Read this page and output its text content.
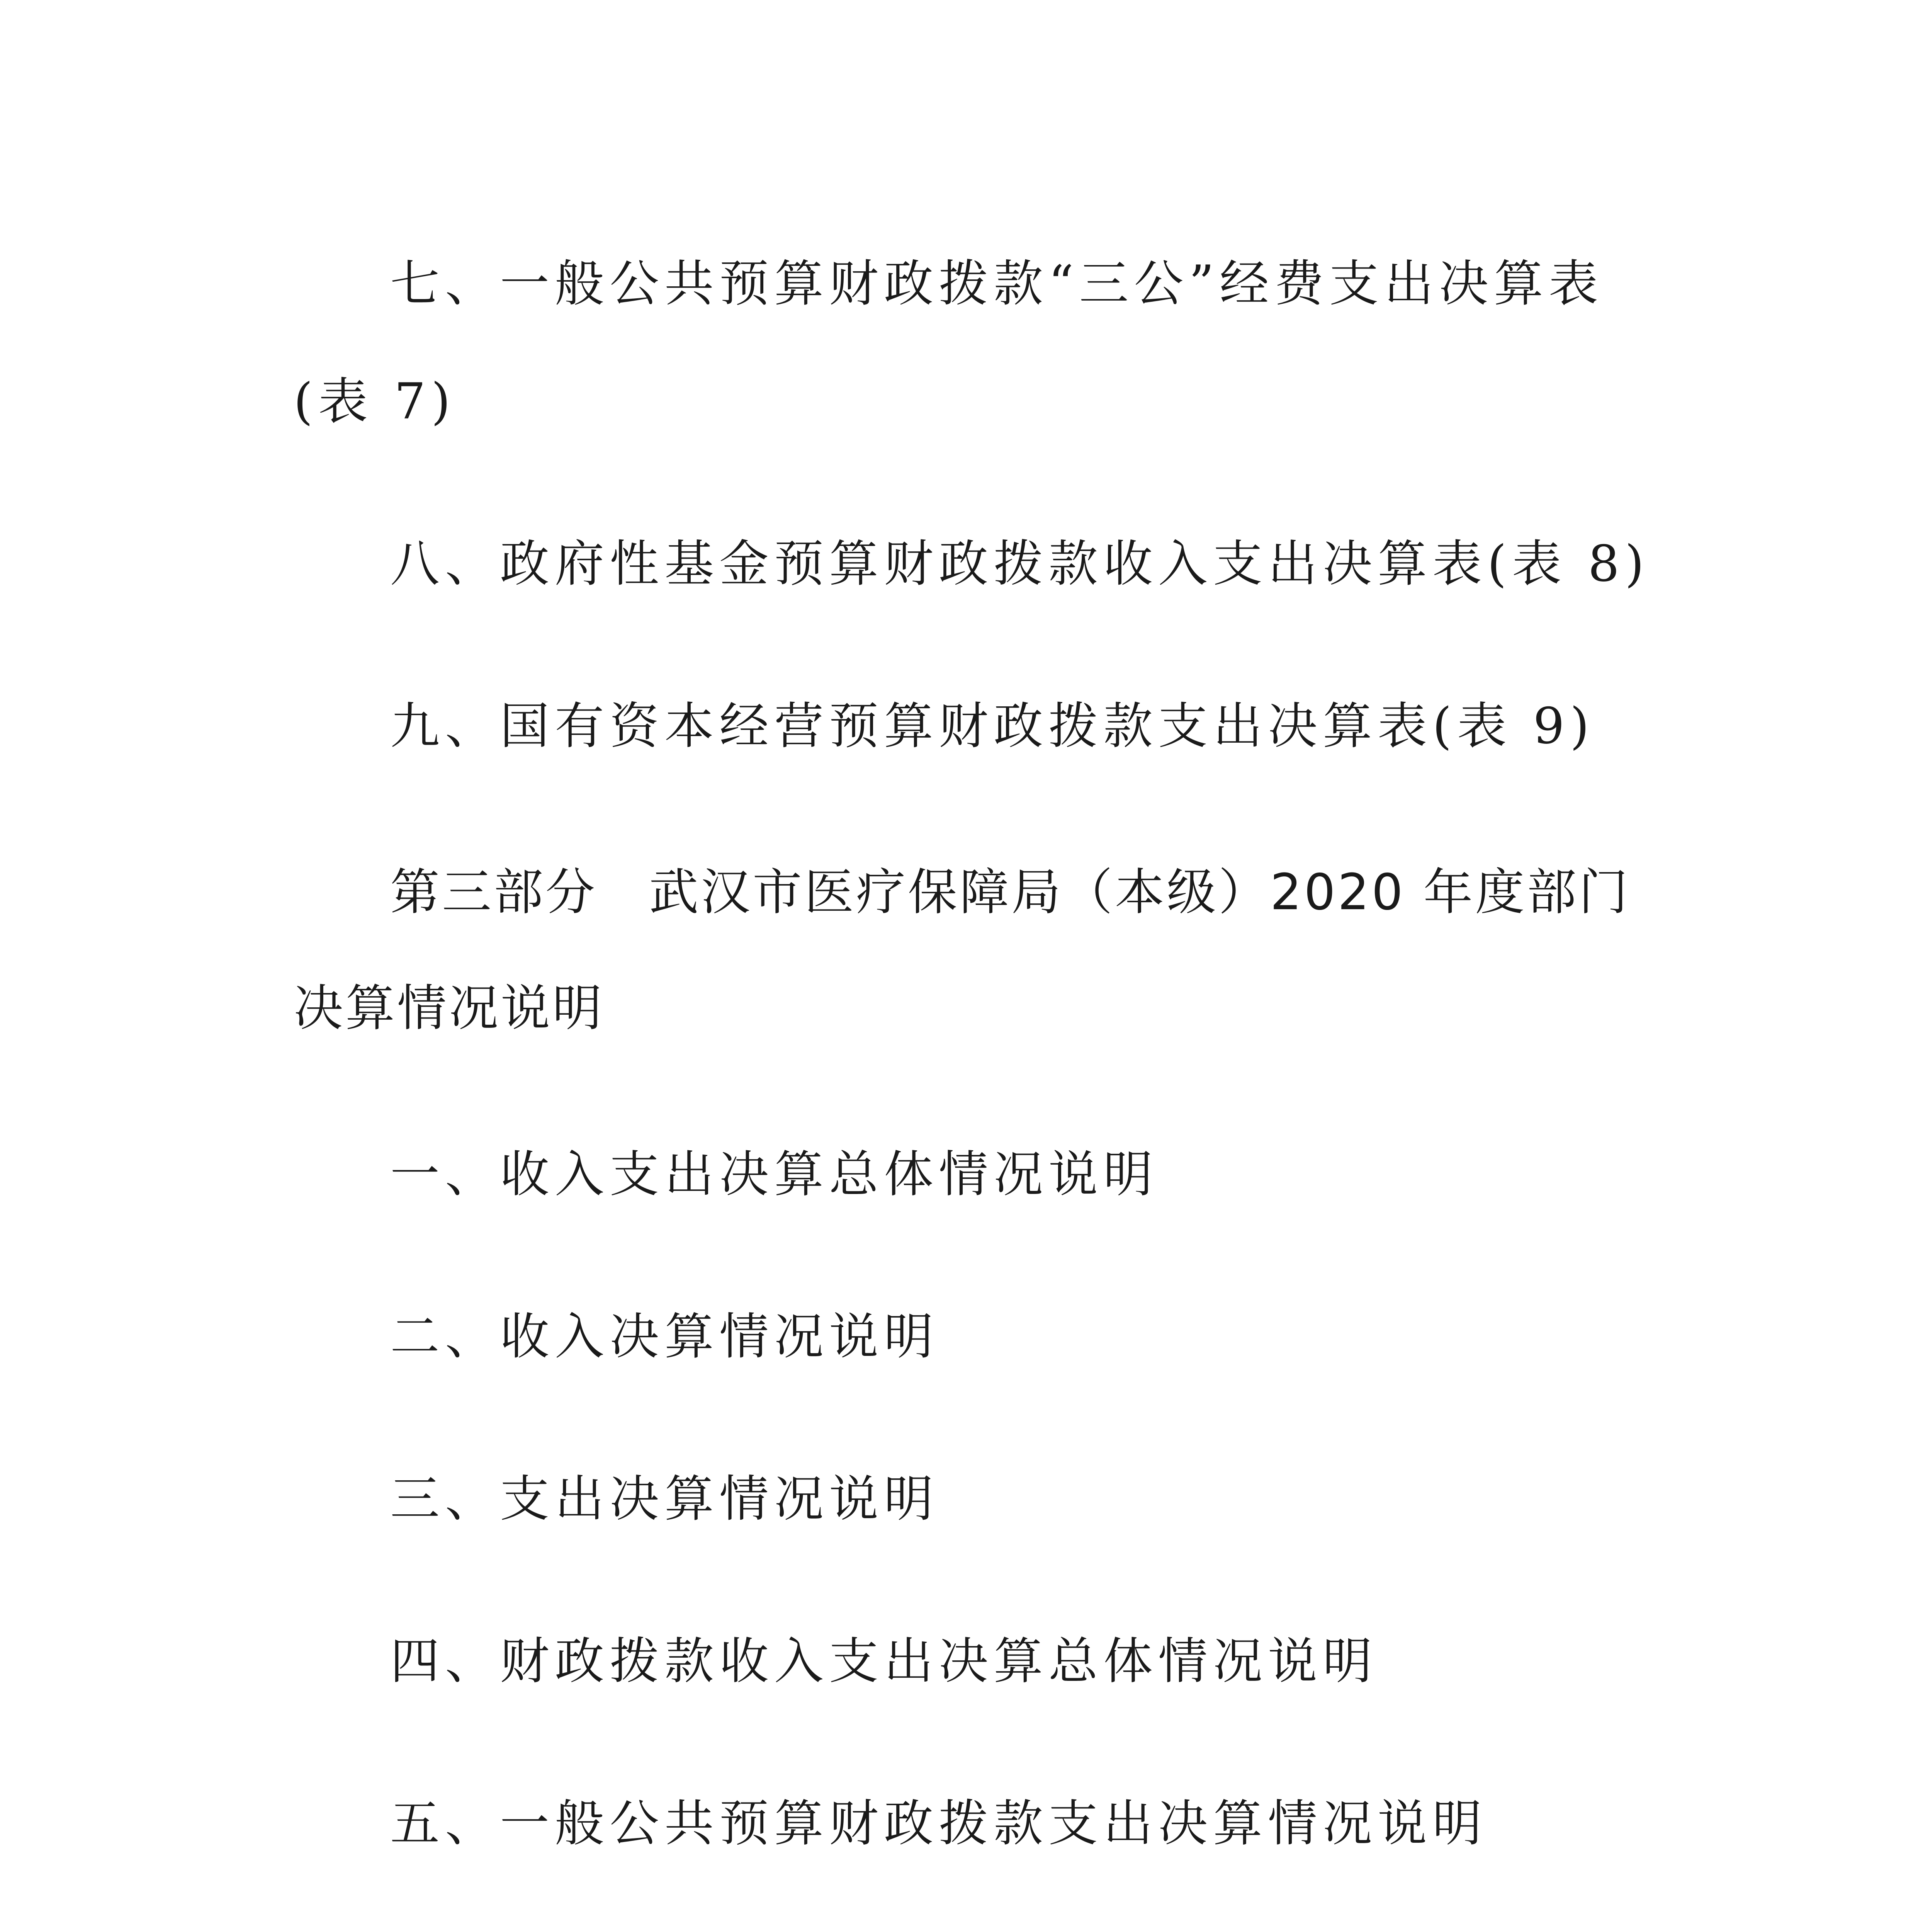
七、一般公共预算财政拨款“三公”经费支出决算表

(表 7)

八、政府性基金预算财政拨款收入支出决算表(表 8)

九、国有资本经营预算财政拨款支出决算表(表 9)

第三部分　武汉市医疗保障局（本级）2020 年度部门

决算情况说明

一、收入支出决算总体情况说明

二、收入决算情况说明

三、支出决算情况说明

四、财政拨款收入支出决算总体情况说明

五、一般公共预算财政拨款支出决算情况说明
